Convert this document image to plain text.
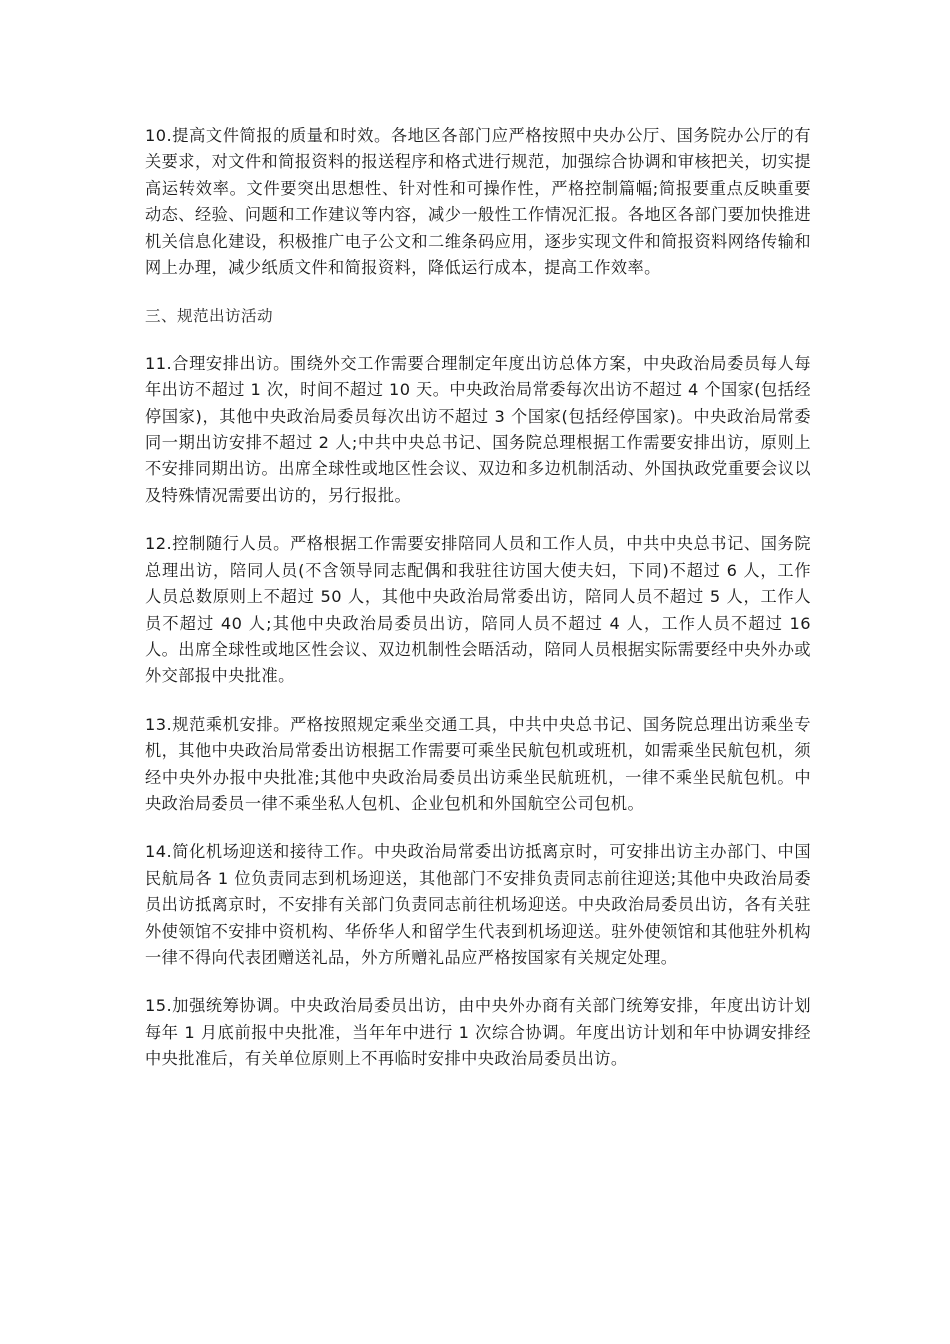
10.提高文件简报的质量和时效。各地区各部门应严格按照中央办公厅、国务院办公厅的有关要求，对文件和简报资料的报送程序和格式进行规范，加强综合协调和审核把关，切实提高运转效率。文件要突出思想性、针对性和可操作性，严格控制篇幅;简报要重点反映重要动态、经验、问题和工作建议等内容，减少一般性工作情况汇报。各地区各部门要加快推进机关信息化建设，积极推广电子公文和二维条码应用，逐步实现文件和简报资料网络传输和网上办理，减少纸质文件和简报资料，降低运行成本，提高工作效率。

三、规范出访活动

11.合理安排出访。围绕外交工作需要合理制定年度出访总体方案，中央政治局委员每人每年出访不超过 1 次，时间不超过 10 天。中央政治局常委每次出访不超过 4 个国家(包括经停国家)，其他中央政治局委员每次出访不超过 3 个国家(包括经停国家)。中央政治局常委同一期出访安排不超过 2 人;中共中央总书记、国务院总理根据工作需要安排出访，原则上不安排同期出访。出席全球性或地区性会议、双边和多边机制活动、外国执政党重要会议以及特殊情况需要出访的，另行报批。

12.控制随行人员。严格根据工作需要安排陪同人员和工作人员，中共中央总书记、国务院总理出访，陪同人员(不含领导同志配偶和我驻往访国大使夫妇，下同)不超过 6 人，工作人员总数原则上不超过 50 人，其他中央政治局常委出访，陪同人员不超过 5 人，工作人员不超过 40 人;其他中央政治局委员出访，陪同人员不超过 4 人，工作人员不超过 16 人。出席全球性或地区性会议、双边机制性会晤活动，陪同人员根据实际需要经中央外办或外交部报中央批准。

13.规范乘机安排。严格按照规定乘坐交通工具，中共中央总书记、国务院总理出访乘坐专机，其他中央政治局常委出访根据工作需要可乘坐民航包机或班机，如需乘坐民航包机，须经中央外办报中央批准;其他中央政治局委员出访乘坐民航班机，一律不乘坐民航包机。中央政治局委员一律不乘坐私人包机、企业包机和外国航空公司包机。

14.简化机场迎送和接待工作。中央政治局常委出访抵离京时，可安排出访主办部门、中国民航局各 1 位负责同志到机场迎送，其他部门不安排负责同志前往迎送;其他中央政治局委员出访抵离京时，不安排有关部门负责同志前往机场迎送。中央政治局委员出访，各有关驻外使领馆不安排中资机构、华侨华人和留学生代表到机场迎送。驻外使领馆和其他驻外机构一律不得向代表团赠送礼品，外方所赠礼品应严格按国家有关规定处理。

15.加强统筹协调。中央政治局委员出访，由中央外办商有关部门统筹安排，年度出访计划每年 1 月底前报中央批准，当年年中进行 1 次综合协调。年度出访计划和年中协调安排经中央批准后，有关单位原则上不再临时安排中央政治局委员出访。
